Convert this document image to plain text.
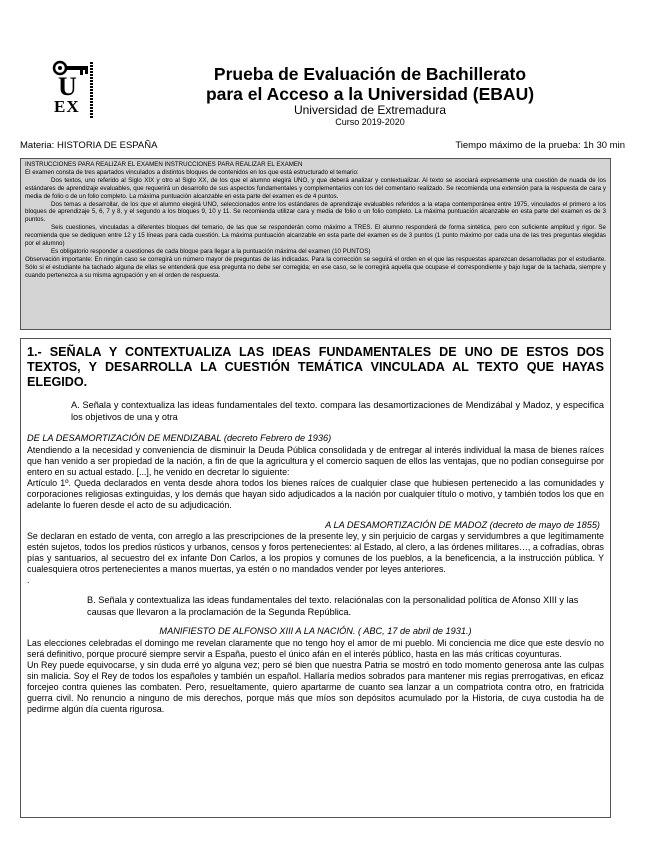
U
EX
Prueba de Evaluación de Bachillerato
para el Acceso a la Universidad (EBAU)
Universidad de Extremadura
Curso 2019-2020
Materia: HISTORIA DE ESPAÑA	Tiempo máximo de la prueba: 1h 30 min

INSTRUCCIONES PARA REALIZAR EL EXAMEN INSTRUCCIONES PARA REALIZAR EL EXAMEN

El examen consta de tres apartados vinculados a distintos bloques de contenidos en los que está estructurado el temario:

Dos textos, uno referido al Siglo XIX y otro al Siglo XX, de los que el alumno elegirá UNO, y que deberá analizar y contextualizar. Al texto se asociará expresamente una cuestión de nuada de los estándares de aprendizaje evaluables, que requerirá un desarrollo de sus aspectos fundamentales y complementarios con los del comentario realizado. Se recomienda una extensión para la respuesta de cara y media de folio o de un folio completo. La máxima puntuación alcanzable en esta parte del examen es de 4 puntos.

Dos temas a desarrollar, de los que el alumno elegirá UNO, seleccionados entre los estándares de aprendizaje evaluables referidos a la etapa contemporánea entre 1975, vinculados el primero a los bloques de aprendizaje 5, 6, 7 y 8, y el segundo a los bloques 9, 10 y 11. Se recomienda utilizar cara y media de folio o un folio completo. La máxima puntuación alcanzable en esta parte del examen es de 3 puntos.

Seis cuestiones, vinculadas a diferentes bloques del temario, de las que se responderán como máximo a TRES. El alumno responderá de forma sintética, pero con suficiente amplitud y rigor. Se recomienda que se dediquen entre 12 y 15 líneas para cada cuestión. La máxima puntuación alcanzable en esta parte del examen es de 3 puntos (1 punto máximo por cada una de las tres preguntas elegidas por el alumno)

Es obligatorio responder a cuestiones de cada bloque para llegar a la puntuación máxima del examen (10 PUNTOS)

Observación importante: En ningún caso se corregirá un número mayor de preguntas de las indicadas. Para la corrección se seguirá el orden en el que las respuestas aparezcan desarrolladas por el estudiante. Sólo si el estudiante ha tachado alguna de ellas se entenderá que esa pregunta no debe ser corregida; en ese caso, se le corregirá aquella que ocupase el correspondiente y bajo lugar de la tachada, siempre y cuando pertenezca a su misma agrupación y en el orden de respuesta.

1.- SEÑALA Y CONTEXTUALIZA LAS IDEAS FUNDAMENTALES DE UNO DE ESTOS DOS TEXTOS, Y DESARROLLA LA CUESTIÓN TEMÁTICA VINCULADA AL TEXTO QUE HAYAS ELEGIDO.

A. Señala y contextualiza las ideas fundamentales del texto. compara las desamortizaciones de Mendizábal y Madoz, y especifica los objetivos de una y otra

DE LA DESAMORTIZACIÓN DE MENDIZABAL (decreto Febrero de 1936)

Atendiendo a la necesidad y conveniencia de disminuir la Deuda Pública consolidada y de entregar al interés individual la masa de bienes raíces que han venido a ser propiedad de la nación, a fin de que la agricultura y el comercio saquen de ellos las ventajas, que no podían conseguirse por entero en su actual estado. [...], he venido en decretar lo siguiente:

Artículo 1º. Queda declarados en venta desde ahora todos los bienes raíces de cualquier clase que hubiesen pertenecido a las comunidades y corporaciones religiosas extinguidas, y los demás que hayan sido adjudicados a la nación por cualquier título o motivo, y también todos los que en adelante lo fueren desde el acto de su adjudicación.

A LA DESAMORTIZACIÓN DE MADOZ (decreto de mayo de 1855)

Se declaran en estado de venta, con arreglo a las prescripciones de la presente ley, y sin perjuicio de cargas y servidumbres a que legítimamente estén sujetos, todos los predios rústicos y urbanos, censos y foros pertenecientes: al Estado, al clero, a las órdenes militares…, a cofradías, obras pías y santuarios, al secuestro del ex infante Don Carlos, a los propios y comunes de los pueblos, a la beneficencia, a la instrucción pública. Y cualesquiera otros pertenecientes a manos muertas, ya estén o no mandados vender por leyes anteriores.

.

B. Señala y contextualiza las ideas fundamentales del texto. relaciónalas con la personalidad política de Afonso XIII y las causas que llevaron a la proclamación de la Segunda República.

MANIFIESTO DE ALFONSO XIII A LA NACIÓN. ( ABC, 17 de abril de 1931.)

Las elecciones celebradas el domingo me revelan claramente que no tengo hoy el amor de mi pueblo. Mi conciencia me dice que este desvío no será definitivo, porque procuré siempre servir a España, puesto el único afán en el interés público, hasta en las más críticas coyunturas.

Un Rey puede equivocarse, y sin duda erré yo alguna vez; pero sé bien que nuestra Patria se mostró en todo momento generosa ante las culpas sin malicia. Soy el Rey de todos los españoles y también un español. Hallaría medios sobrados para mantener mis regias prerrogativas, en eficaz forcejeo contra quienes las combaten. Pero, resueltamente, quiero apartarme de cuanto sea lanzar a un compatriota contra otro, en fratricida guerra civil. No renuncio a ninguno de mis derechos, porque más que míos son depósitos acumulado por la Historia, de cuya custodia ha de pedirme algún día cuenta rigurosa.
